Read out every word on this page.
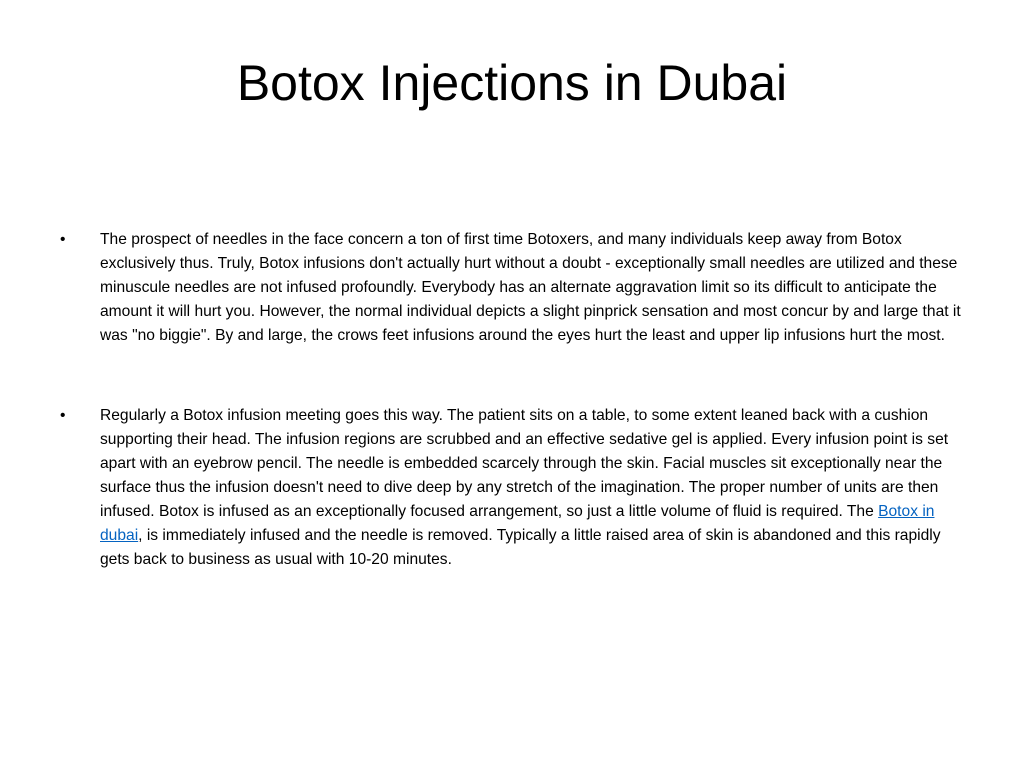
Botox Injections in Dubai
•	The prospect of needles in the face concern a ton of first time Botoxers, and many individuals keep away from Botox exclusively thus. Truly, Botox infusions don't actually hurt without a doubt - exceptionally small needles are utilized and these minuscule needles are not infused profoundly. Everybody has an alternate aggravation limit so its difficult to anticipate the amount it will hurt you. However, the normal individual depicts a slight pinprick sensation and most concur by and large that it was "no biggie". By and large, the crows feet infusions around the eyes hurt the least and upper lip infusions hurt the most.
•	Regularly a Botox infusion meeting goes this way. The patient sits on a table, to some extent leaned back with a cushion supporting their head. The infusion regions are scrubbed and an effective sedative gel is applied. Every infusion point is set apart with an eyebrow pencil. The needle is embedded scarcely through the skin. Facial muscles sit exceptionally near the surface thus the infusion doesn't need to dive deep by any stretch of the imagination. The proper number of units are then infused. Botox is infused as an exceptionally focused arrangement, so just a little volume of fluid is required. The Botox in dubai, is immediately infused and the needle is removed. Typically a little raised area of skin is abandoned and this rapidly gets back to business as usual with 10-20 minutes.
